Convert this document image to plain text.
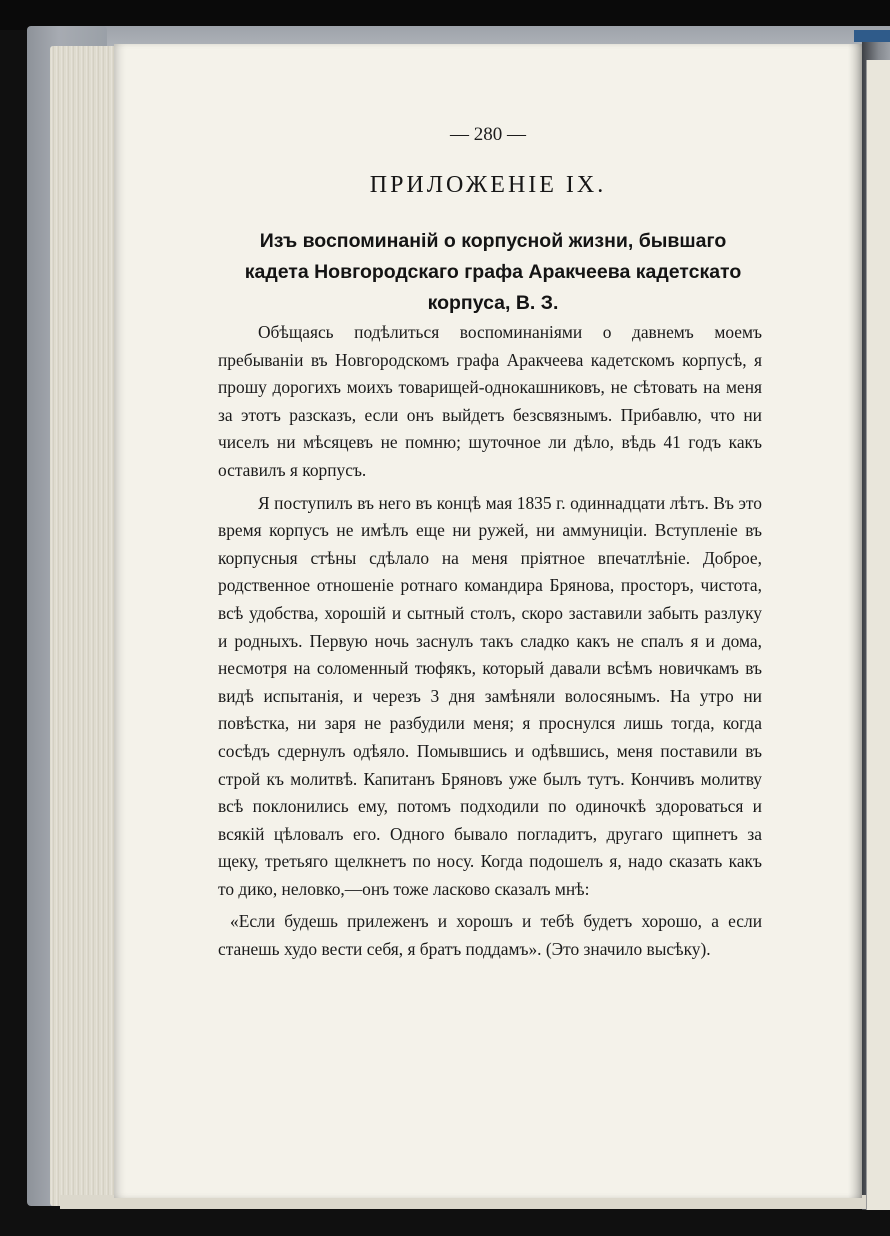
— 280 —
ПРИЛОЖЕНІЕ IX.
Изъ воспоминаній о корпусной жизни, бывшаго кадета Новгородскаго графа Аракчеева кадетскато корпуса, В. З.

Обѣщаясь подѣлиться воспоминаніями о давнемъ моемъ пребываніи въ Новгородскомъ графа Аракчеева кадетскомъ корпусѣ, я прошу дорогихъ моихъ товарищей-однокашниковъ, не сѣтовать на меня за этотъ разсказъ, если онъ выйдетъ безсвязнымъ. Прибавлю, что ни чиселъ ни мѣсяцевъ не помню; шуточное ли дѣло, вѣдь 41 годъ какъ оставилъ я корпусъ.

Я поступилъ въ него въ концѣ мая 1835 г. одиннадцати лѣтъ. Въ это время корпусъ не имѣлъ еще ни ружей, ни аммуниціи. Вступленіе въ корпусныя стѣны сдѣлало на меня пріятное впечатлѣніе. Доброе, родственное отношеніе ротнаго командира Брянова, просторъ, чистота, всѣ удобства, хорошій и сытный столъ, скоро заставили забыть разлуку и родныхъ. Первую ночь заснулъ такъ сладко какъ не спалъ я и дома, несмотря на соломенный тюфякъ, который давали всѣмъ новичкамъ въ видѣ испытанія, и черезъ 3 дня замѣняли волосянымъ. На утро ни повѣстка, ни заря не разбудили меня; я проснулся лишь тогда, когда сосѣдъ сдернулъ одѣяло. Помывшись и одѣвшись, меня поставили въ строй къ молитвѣ. Капитанъ Бряновъ уже былъ тутъ. Кончивъ молитву всѣ поклонились ему, потомъ подходили по одиночкѣ здороваться и всякій цѣловалъ его. Одного бывало погладитъ, другаго щипнетъ за щеку, третьяго щелкнетъ по носу. Когда подошелъ я, надо сказать какъ то дико, неловко,—онъ тоже ласково сказалъ мнѣ:

«Если будешь прилеженъ и хорошъ и тебѣ будетъ хорошо, а если станешь худо вести себя, я братъ поддамъ». (Это значило высѣку).
